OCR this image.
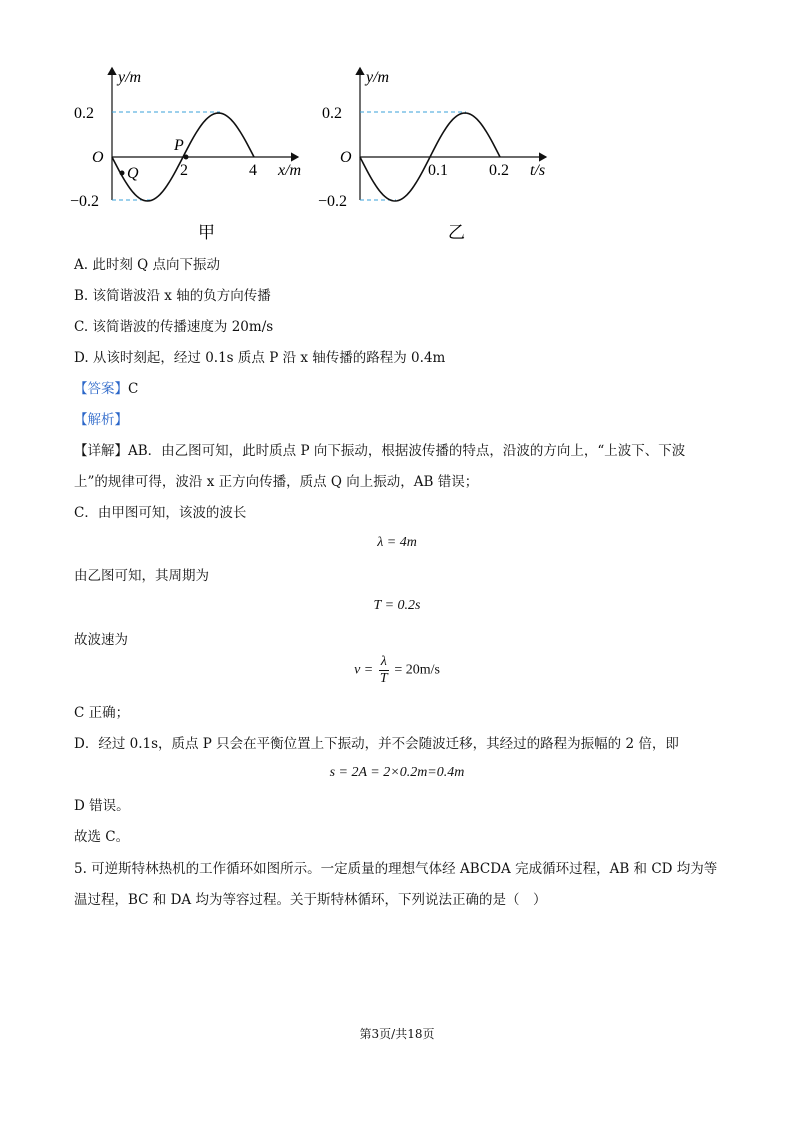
y/m
x/m
O
0.2
−0.2
2	4
P
Q
甲
y/m
t/s
O
0.2
−0.2
0.1	0.2
乙
A. 此时刻 Q 点向下振动
B. 该简谐波沿 x 轴的负方向传播
C. 该简谐波的传播速度为 20m/s
D. 从该时刻起，经过 0.1s 质点 P 沿 x 轴传播的路程为 0.4m
【答案】C
【解析】
【详解】AB．由乙图可知，此时质点 P 向下振动，根据波传播的特点，沿波的方向上，“上波下、下波
上”的规律可得，波沿 x 正方向传播，质点 Q 向上振动，AB 错误；
C．由甲图可知，该波的波长
λ = 4m
由乙图可知，其周期为
T = 0.2s
故波速为
$v = \frac{\lambda}{T} = 20m/s$
C 正确；
D．经过 0.1s，质点 P 只会在平衡位置上下振动，并不会随波迁移，其经过的路程为振幅的 2 倍，即
s = 2A = 2×0.2m=0.4m
D 错误。
故选 C。
5. 可逆斯特林热机的工作循环如图所示。一定质量的理想气体经 ABCDA 完成循环过程，AB 和 CD 均为等
温过程，BC 和 DA 均为等容过程。关于斯特林循环，下列说法正确的是（　）
第3页/共18页
